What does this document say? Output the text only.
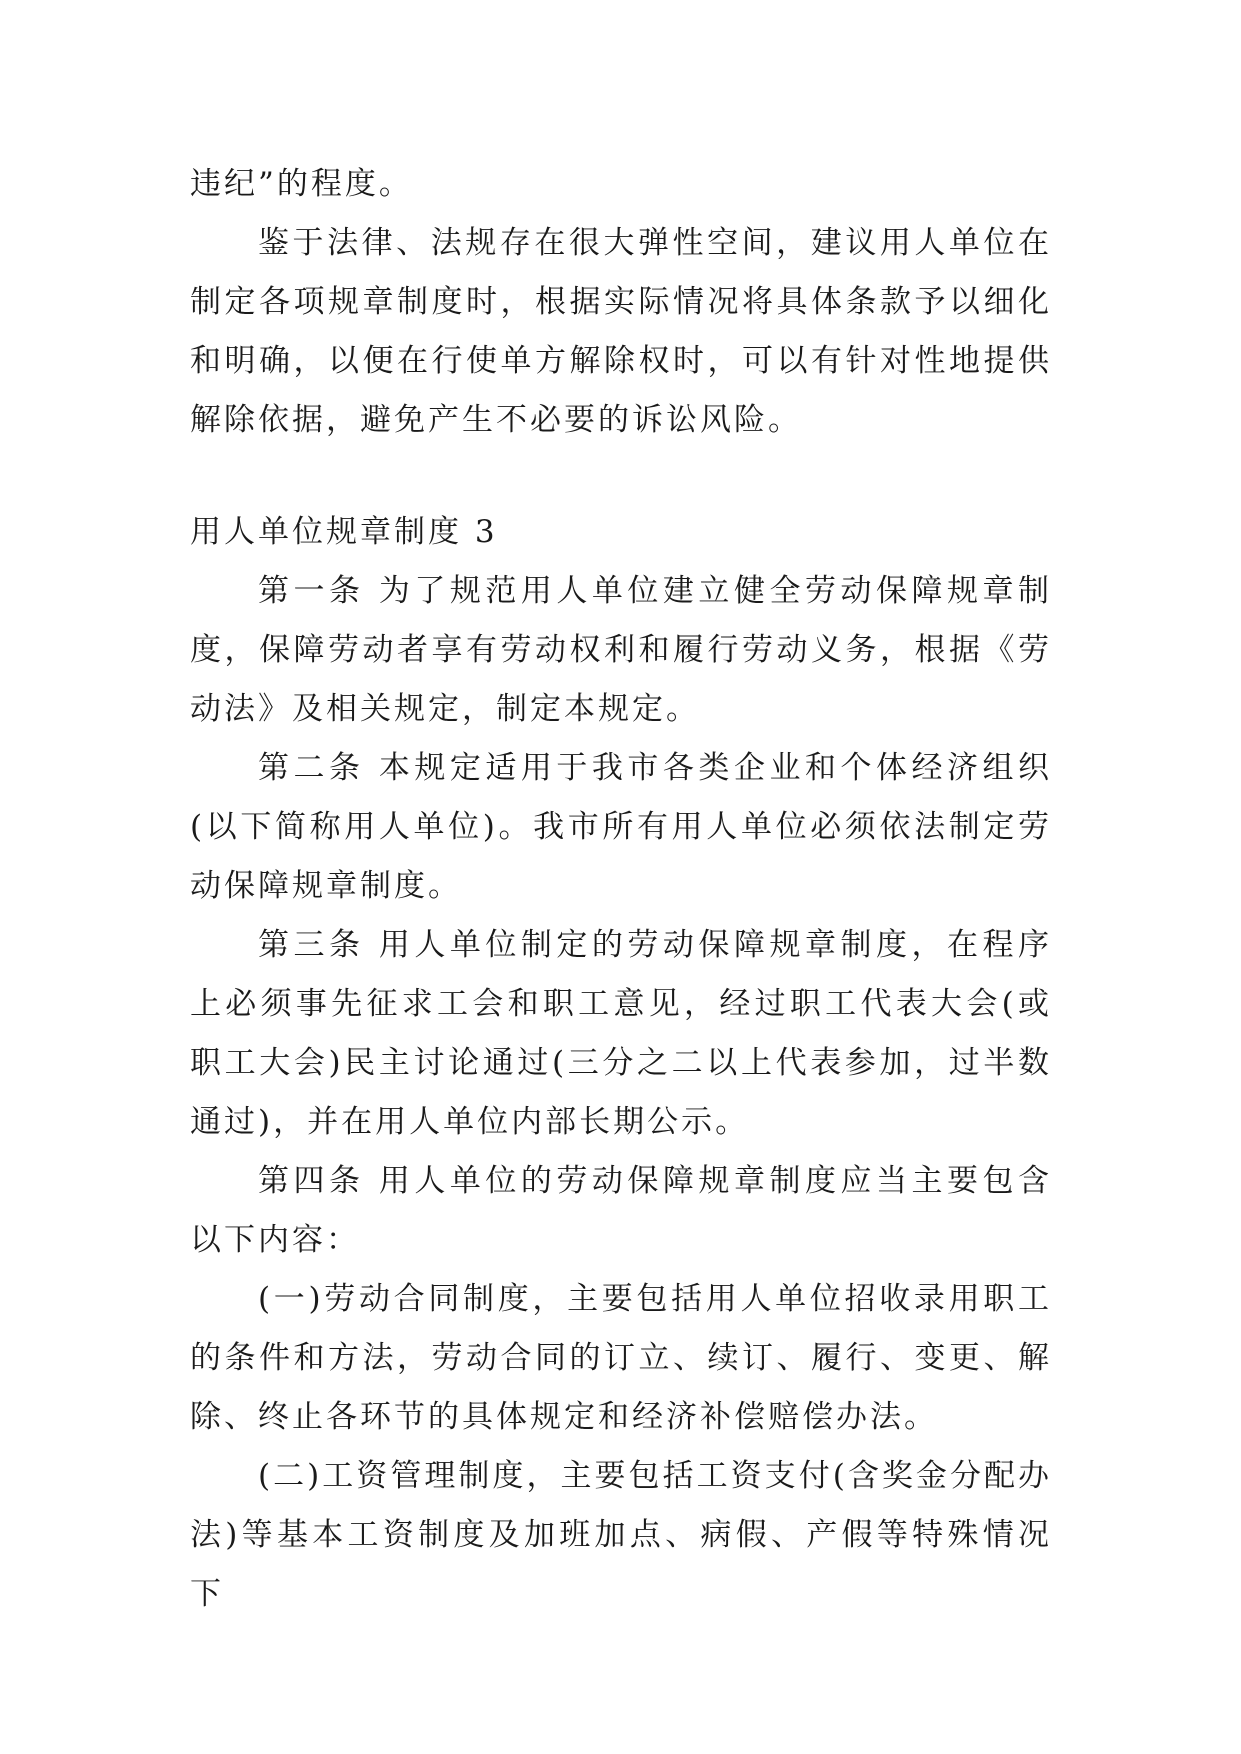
违纪”的程度。

鉴于法律、法规存在很大弹性空间，建议用人单位在制定各项规章制度时，根据实际情况将具体条款予以细化和明确，以便在行使单方解除权时，可以有针对性地提供解除依据，避免产生不必要的诉讼风险。

用人单位规章制度 3

第一条 为了规范用人单位建立健全劳动保障规章制度，保障劳动者享有劳动权利和履行劳动义务，根据《劳动法》及相关规定，制定本规定。

第二条 本规定适用于我市各类企业和个体经济组织(以下简称用人单位)。我市所有用人单位必须依法制定劳动保障规章制度。

第三条 用人单位制定的劳动保障规章制度，在程序上必须事先征求工会和职工意见，经过职工代表大会(或职工大会)民主讨论通过(三分之二以上代表参加，过半数通过)，并在用人单位内部长期公示。

第四条 用人单位的劳动保障规章制度应当主要包含以下内容：

(一)劳动合同制度，主要包括用人单位招收录用职工的条件和方法，劳动合同的订立、续订、履行、变更、解除、终止各环节的具体规定和经济补偿赔偿办法。

(二)工资管理制度，主要包括工资支付(含奖金分配办法)等基本工资制度及加班加点、病假、产假等特殊情况下
